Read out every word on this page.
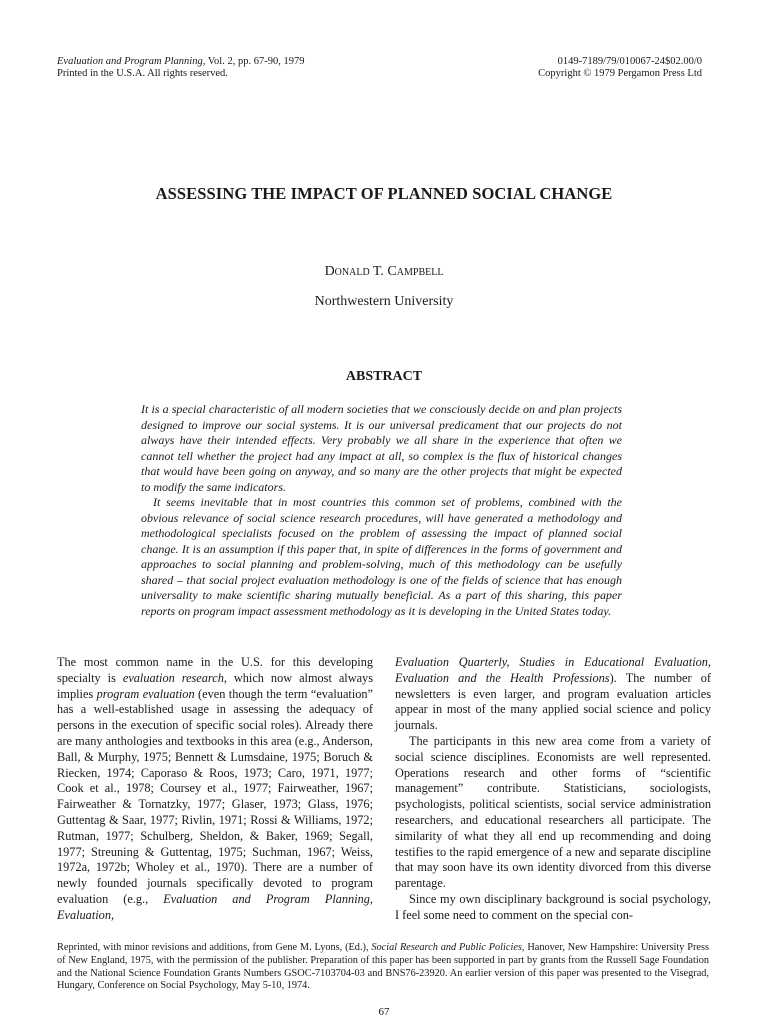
Evaluation and Program Planning, Vol. 2, pp. 67-90, 1979
Printed in the U.S.A. All rights reserved.
0149-7189/79/010067-24$02.00/0
Copyright © 1979 Pergamon Press Ltd
ASSESSING THE IMPACT OF PLANNED SOCIAL CHANGE
Donald T. Campbell
Northwestern University
ABSTRACT

It is a special characteristic of all modern societies that we consciously decide on and plan projects designed to improve our social systems. It is our universal predicament that our projects do not always have their intended effects. Very probably we all share in the experience that often we cannot tell whether the project had any impact at all, so complex is the flux of historical changes that would have been going on anyway, and so many are the other projects that might be expected to modify the same indicators.

It seems inevitable that in most countries this common set of problems, combined with the obvious relevance of social science research procedures, will have generated a methodology and methodological specialists focused on the problem of assessing the impact of planned social change. It is an assumption if this paper that, in spite of differences in the forms of government and approaches to social planning and problem-solving, much of this methodology can be usefully shared – that social project evaluation methodology is one of the fields of science that has enough universality to make scientific sharing mutually beneficial. As a part of this sharing, this paper reports on program impact assessment methodology as it is developing in the United States today.

The most common name in the U.S. for this developing specialty is evaluation research, which now almost always implies program evaluation (even though the term “evaluation” has a well-established usage in assessing the adequacy of persons in the execution of specific social roles). Already there are many anthologies and textbooks in this area (e.g., Anderson, Ball, & Murphy, 1975; Bennett & Lumsdaine, 1975; Boruch & Riecken, 1974; Caporaso & Roos, 1973; Caro, 1971, 1977; Cook et al., 1978; Coursey et al., 1977; Fairweather, 1967; Fairweather & Tornatzky, 1977; Glaser, 1973; Glass, 1976; Guttentag & Saar, 1977; Rivlin, 1971; Rossi & Williams, 1972; Rutman, 1977; Schulberg, Sheldon, & Baker, 1969; Segall, 1977; Streuning & Guttentag, 1975; Suchman, 1967; Weiss, 1972a, 1972b; Wholey et al., 1970). There are a number of newly founded journals specifically devoted to program evaluation (e.g., Evaluation and Program Planning, Evaluation,

Evaluation Quarterly, Studies in Educational Evaluation, Evaluation and the Health Professions). The number of newsletters is even larger, and program evaluation articles appear in most of the many applied social science and policy journals.

The participants in this new area come from a variety of social science disciplines. Economists are well represented. Operations research and other forms of “scientific management” contribute. Statisticians, sociologists, psychologists, political scientists, social service administration researchers, and educational researchers all participate. The similarity of what they all end up recommending and doing testifies to the rapid emergence of a new and separate discipline that may soon have its own identity divorced from this diverse parentage.

Since my own disciplinary background is social psychology, I feel some need to comment on the special con-

Reprinted, with minor revisions and additions, from Gene M. Lyons, (Ed.), Social Research and Public Policies, Hanover, New Hampshire: University Press of New England, 1975, with the permission of the publisher. Preparation of this paper has been supported in part by grants from the Russell Sage Foundation and the National Science Foundation Grants Numbers GSOC-7103704-03 and BNS76-23920. An earlier version of this paper was presented to the Visegrad, Hungary, Conference on Social Psychology, May 5-10, 1974.
67
